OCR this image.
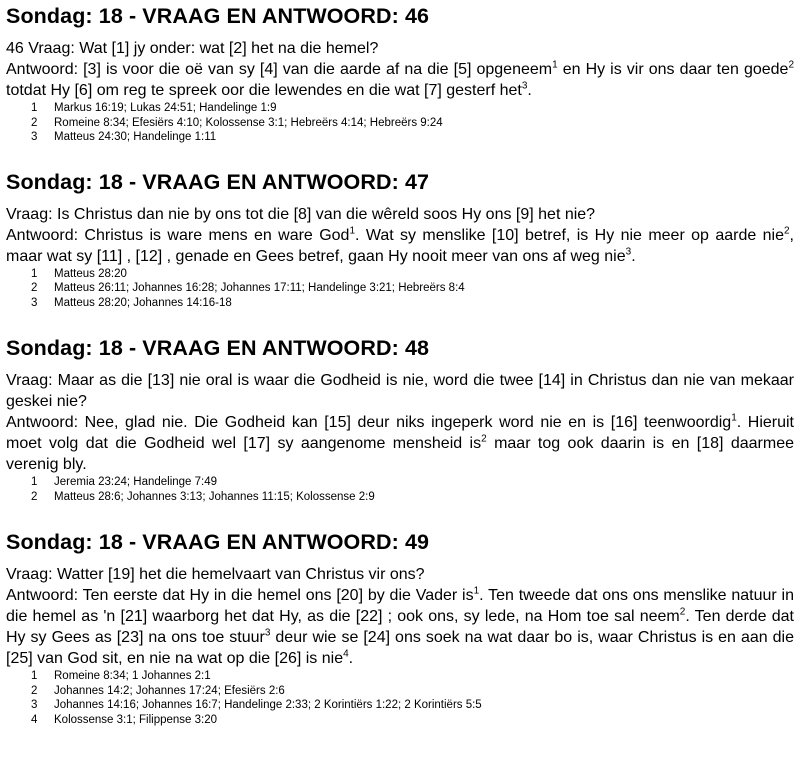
Sondag: 18 - VRAAG EN ANTWOORD: 46

46 Vraag: Wat [1] jy onder: wat [2] het na die hemel?

Antwoord: [3] is voor die oë van sy [4] van die aarde af na die [5] opgeneem$^1$ en Hy is vir ons daar ten goede$^2$ totdat Hy [6] om reg te spreek oor die lewendes en die wat [7] gesterf het$^3$.

1	Markus 16:19; Lukas 24:51; Handelinge 1:9
2	Romeine 8:34; Efesiërs 4:10; Kolossense 3:1; Hebreërs 4:14; Hebreërs 9:24
3	Matteus 24:30; Handelinge 1:11
Sondag: 18 - VRAAG EN ANTWOORD: 47

Vraag: Is Christus dan nie by ons tot die [8] van die wêreld soos Hy ons [9] het nie?

Antwoord: Christus is ware mens en ware God$^1$. Wat sy menslike [10] betref, is Hy nie meer op aarde nie$^2$, maar wat sy [11] , [12] , genade en Gees betref, gaan Hy nooit meer van ons af weg nie$^3$.

1	Matteus 28:20
2	Matteus 26:11; Johannes 16:28; Johannes 17:11; Handelinge 3:21; Hebreërs 8:4
3	Matteus 28:20; Johannes 14:16-18
Sondag: 18 - VRAAG EN ANTWOORD: 48

Vraag: Maar as die [13] nie oral is waar die Godheid is nie, word die twee [14] in Christus dan nie van mekaar geskei nie?

Antwoord: Nee, glad nie. Die Godheid kan [15] deur niks ingeperk word nie en is [16] teenwoordig$^1$. Hieruit moet volg dat die Godheid wel [17] sy aangenome mensheid $is^2$ maar tog ook daarin is en [18] daarmee verenig bly.

1	Jeremia 23:24; Handelinge 7:49
2	Matteus 28:6; Johannes 3:13; Johannes 11:15; Kolossense 2:9
Sondag: 18 - VRAAG EN ANTWOORD: 49

Vraag: Watter [19] het die hemelvaart van Christus vir ons?

Antwoord: Ten eerste dat Hy in die hemel ons [20] by die Vader $is^1$. Ten tweede dat ons ons menslike natuur in die hemel as 'n [21] waarborg het dat Hy, as die [22] ; ook ons, sy lede, na Hom toe sal neem$^2$. Ten derde dat Hy sy Gees as [23] na ons toe stuur$^3$ deur wie se [24] ons soek na wat daar bo is, waar Christus is en aan die [25] van God sit, en nie na wat op die [26] is nie$^4$.

1	Romeine 8:34; 1 Johannes 2:1
2	Johannes 14:2; Johannes 17:24; Efesiërs 2:6
3	Johannes 14:16; Johannes 16:7; Handelinge 2:33; 2 Korintiërs 1:22; 2 Korintiërs 5:5
4	Kolossense 3:1; Filippense 3:20
